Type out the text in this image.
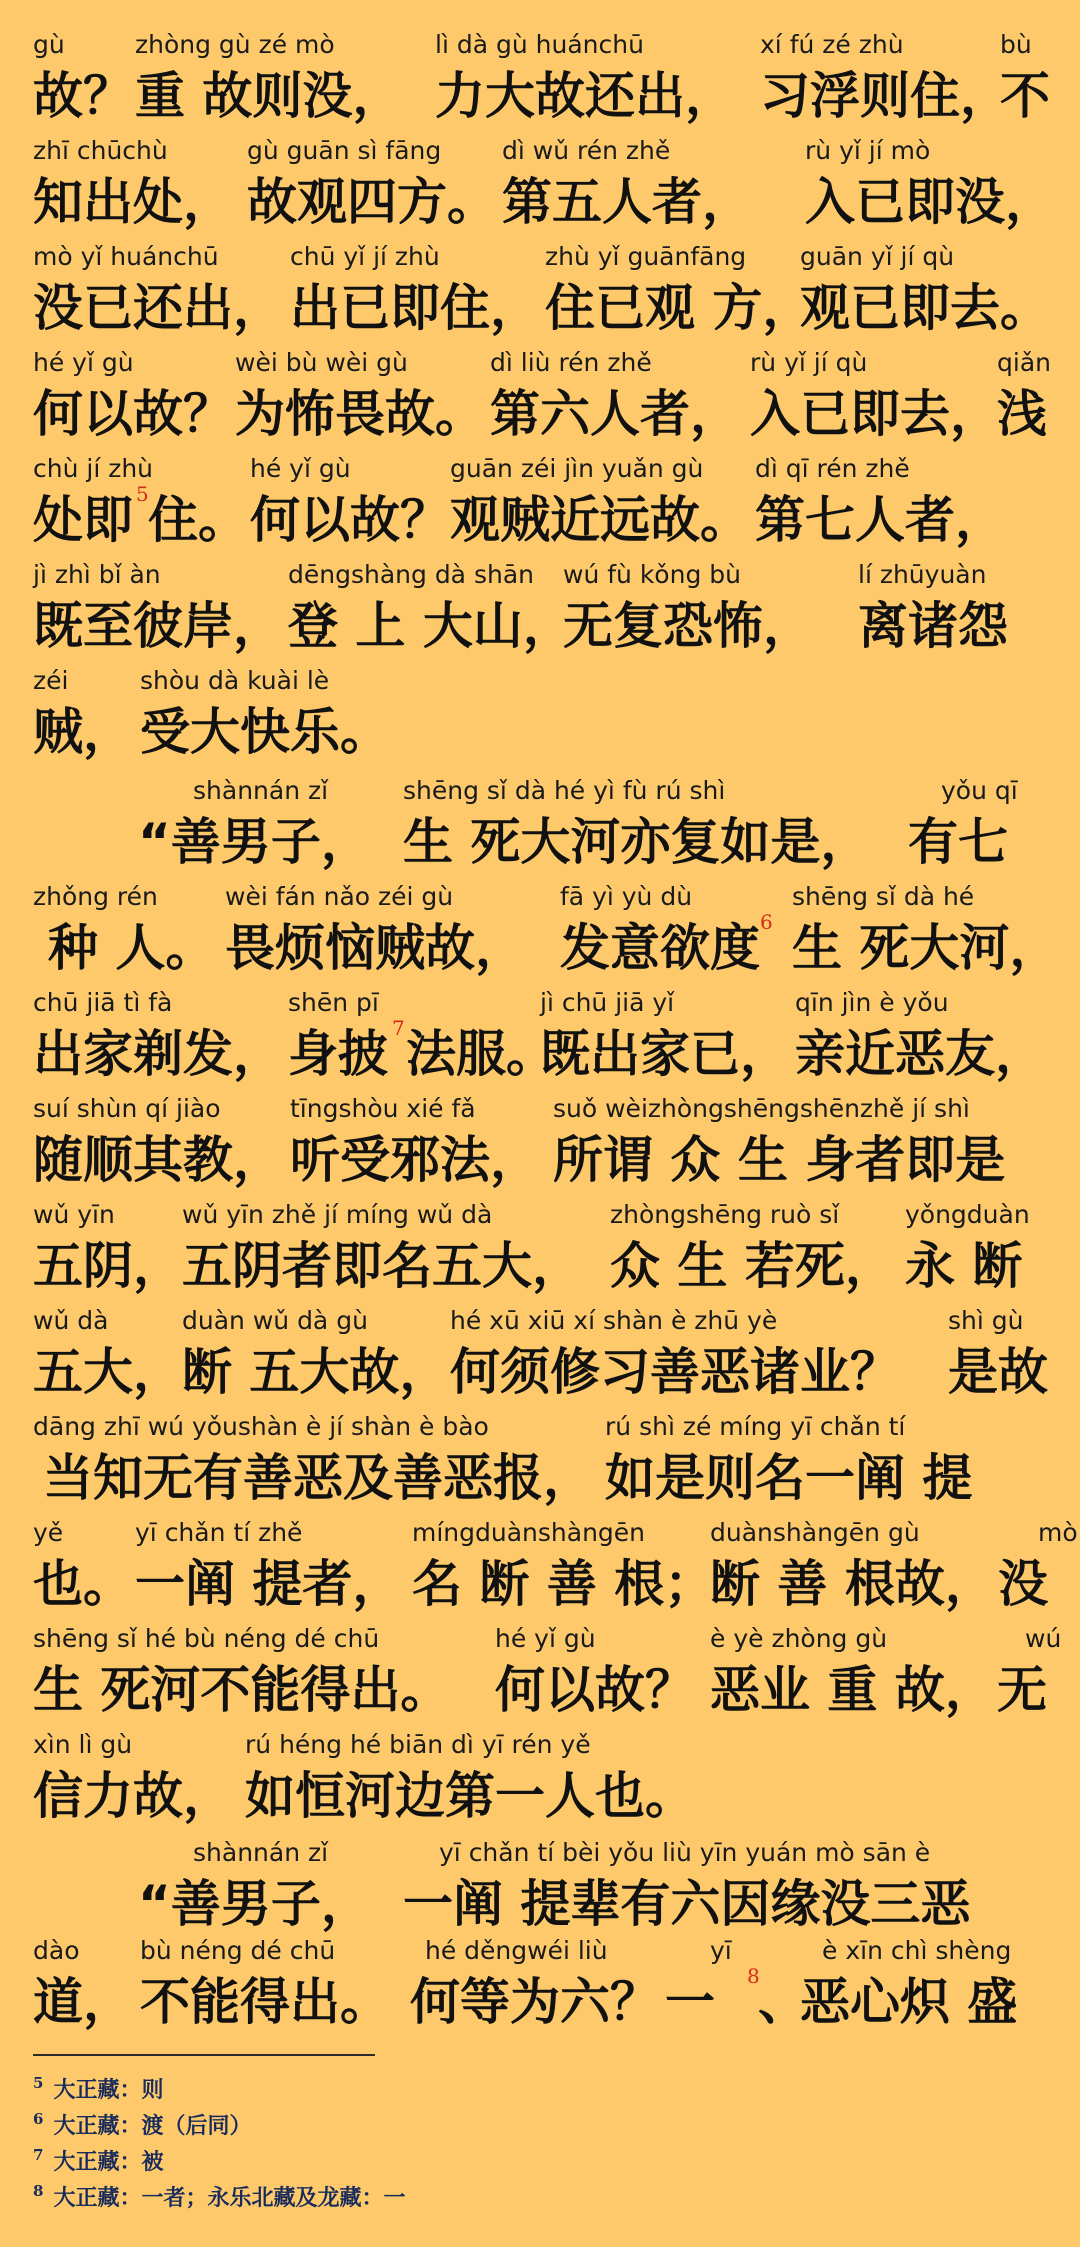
gù
故？
zhòng gù zé mò
重 故则没，
lì dà gù huánchū
力大故还出，
xí fú zé zhù
习浮则住，
bù
不
zhī chūchù
知出处，
gù guān sì fāng
故观四方。
dì wǔ rén zhě
第五人者，
rù yǐ jí mò
入已即没，
mò yǐ huánchū
没已还出，
chū yǐ jí zhù
出已即住，
zhù yǐ guānfāng
住已观 方，
guān yǐ jí qù
观已即去。
hé yǐ gù
何以故？
wèi bù wèi gù
为怖畏故。
dì liù rén zhě
第六人者，
rù yǐ jí qù
入已即去，
qiǎn
浅
chù jí zhù
处即 5 住。
hé yǐ gù
何以故？
guān zéi jìn yuǎn gù
观贼近远故。
dì qī rén zhě
第七人者，
jì zhì bǐ àn
既至彼岸，
dēngshàng dà shān
登 上 大山，
wú fù kǒng bù
无复恐怖，
lí zhūyuàn
离诸怨
zéi
贼，
shòu dà kuài lè
受大快乐。
shànnán zǐ
“善男子，
shēng sǐ dà hé yì fù rú shì
生 死大河亦复如是，
yǒu qī
有七
zhǒng rén
种 人。
wèi fán nǎo zéi gù
畏烦恼贼故，
fā yì yù dù
发意欲度 6
shēng sǐ dà hé
生 死大河，
chū jiā tì fà
出家剃发，
shēn pī
身披 7 法服。
jì chū jiā yǐ
既出家已，
qīn jìn è yǒu
亲近恶友，
suí shùn qí jiào
随顺其教，
tīngshòu xié fǎ
听受邪法，
suǒ wèizhòngshēngshēnzhě jí shì
所谓 众 生 身者即是
wǔ yīn
五阴，
wǔ yīn zhě jí míng wǔ dà
五阴者即名五大，
zhòngshēng ruò sǐ
众 生 若死，
yǒngduàn
永 断
wǔ dà
五大，
duàn wǔ dà gù
断 五大故，
hé xū xiū xí shàn è zhū yè
何须修习善恶诸业？
shì gù
是故
dāng zhī wú yǒushàn è jí shàn è bào
当知无有善恶及善恶报，
rú shì zé míng yī chǎn tí
如是则名一阐 提
yě
也。
yī chǎn tí zhě
一阐 提者，
míngduànshàngēn
名 断 善 根；
duànshàngēn gù
断 善 根故，
mò
没
shēng sǐ hé bù néng dé chū
生 死河不能得出。
hé yǐ gù
何以故？
è yè zhòng gù
恶业 重 故，
wú
无
xìn lì gù
信力故，
rú héng hé biān dì yī rén yě
如恒河边第一人也。
shànnán zǐ
“善男子，
yī chǎn tí bèi yǒu liù yīn yuán mò sān è
一阐 提辈有六因缘没三恶
dào
道，
bù néng dé chū
不能得出。
hé děngwéi liù
何等为六？
yī
一 8
、
è xīn chì shèng
恶心炽 盛
$^5$ 大正藏：则
$^6$ 大正藏：渡（后同）
$^7$ 大正藏：被
$^8$ 大正藏：一者；永乐北藏及龙藏：一
